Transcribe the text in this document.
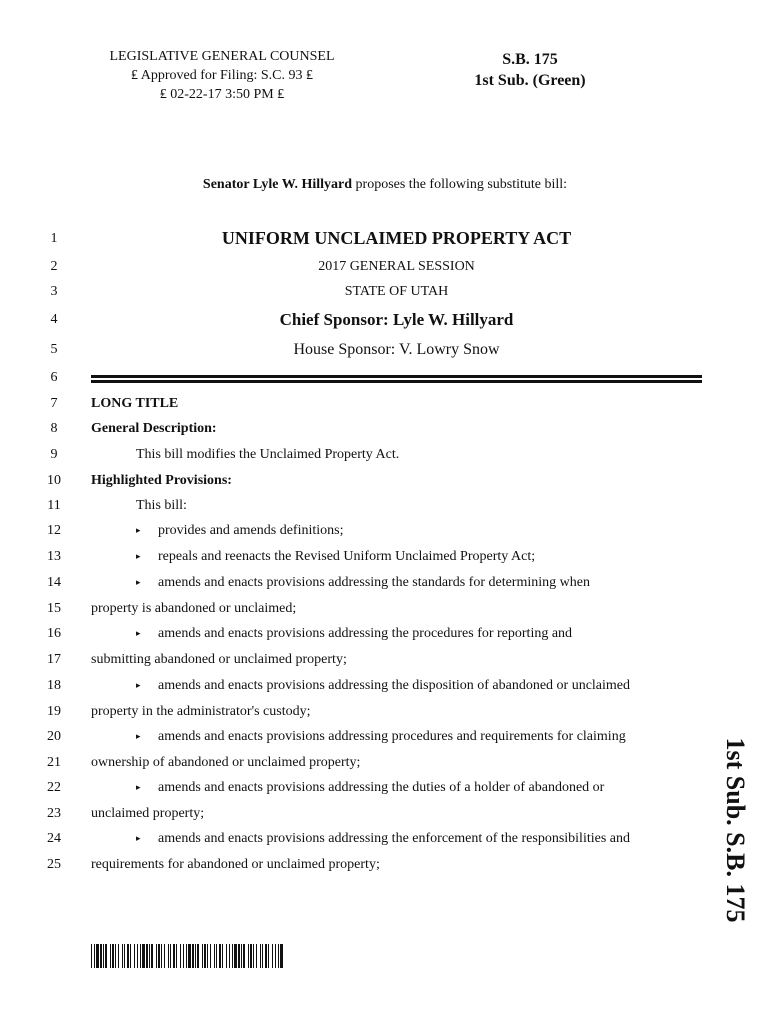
LEGISLATIVE GENERAL COUNSEL
₤ Approved for Filing: S.C. 93 ₤
₤ 02-22-17 3:50 PM ₤
S.B. 175
1st Sub. (Green)
Senator Lyle W. Hillyard proposes the following substitute bill:
1	UNIFORM UNCLAIMED PROPERTY ACT
2	2017 GENERAL SESSION
3	STATE OF UTAH
4	Chief Sponsor: Lyle W. Hillyard
5	House Sponsor: V. Lowry Snow
6
7	LONG TITLE
8	General Description:
9	This bill modifies the Unclaimed Property Act.
10	Highlighted Provisions:
11	This bill:
12	▸ provides and amends definitions;
13	▸ repeals and reenacts the Revised Uniform Unclaimed Property Act;
14	▸ amends and enacts provisions addressing the standards for determining when
15	property is abandoned or unclaimed;
16	▸ amends and enacts provisions addressing the procedures for reporting and
17	submitting abandoned or unclaimed property;
18	▸ amends and enacts provisions addressing the disposition of abandoned or unclaimed
19	property in the administrator's custody;
20	▸ amends and enacts provisions addressing procedures and requirements for claiming
21	ownership of abandoned or unclaimed property;
22	▸ amends and enacts provisions addressing the duties of a holder of abandoned or
23	unclaimed property;
24	▸ amends and enacts provisions addressing the enforcement of the responsibilities and
25	requirements for abandoned or unclaimed property;	1st Sub. S.B. 175
